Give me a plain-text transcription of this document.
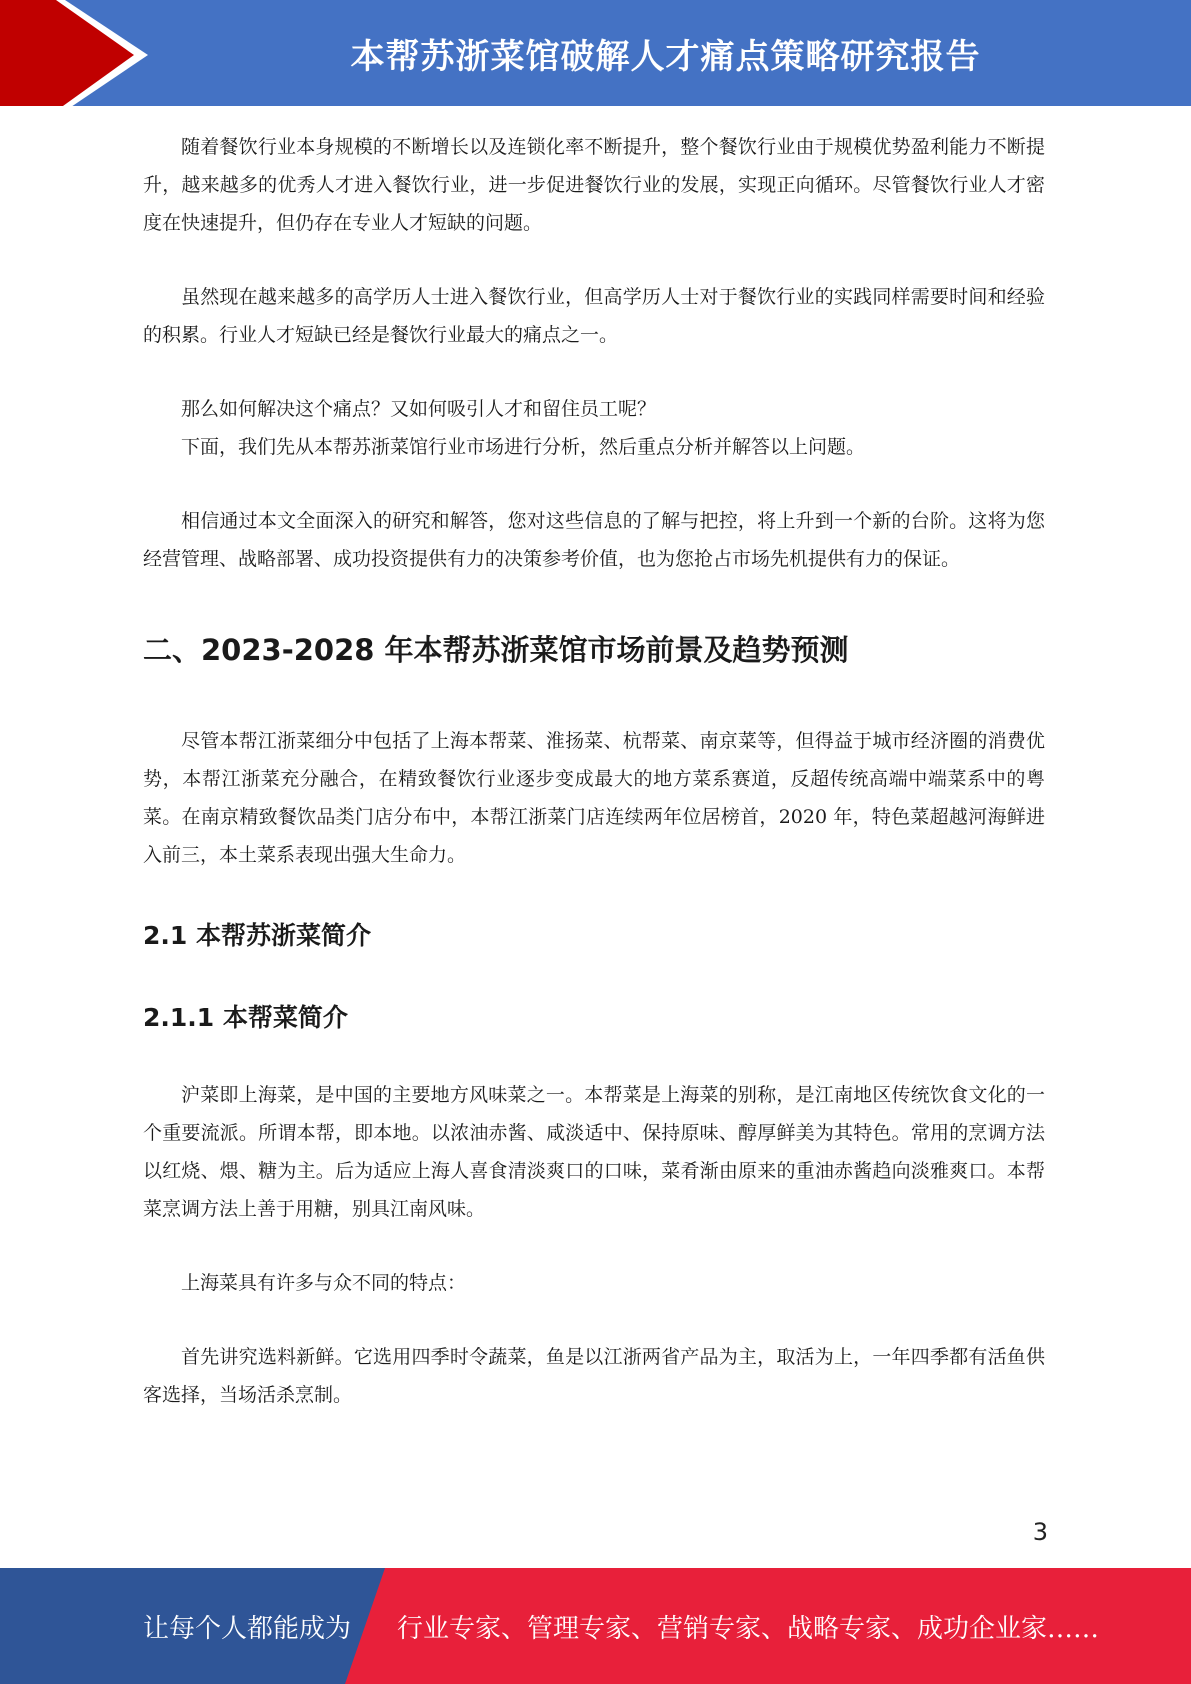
本帮苏浙菜馆破解人才痛点策略研究报告

随着餐饮行业本身规模的不断增长以及连锁化率不断提升，整个餐饮行业由于规模优势盈利能力不断提升，越来越多的优秀人才进入餐饮行业，进一步促进餐饮行业的发展，实现正向循环。尽管餐饮行业人才密度在快速提升，但仍存在专业人才短缺的问题。

虽然现在越来越多的高学历人士进入餐饮行业，但高学历人士对于餐饮行业的实践同样需要时间和经验的积累。行业人才短缺已经是餐饮行业最大的痛点之一。

那么如何解决这个痛点？又如何吸引人才和留住员工呢？

下面，我们先从本帮苏浙菜馆行业市场进行分析，然后重点分析并解答以上问题。

相信通过本文全面深入的研究和解答，您对这些信息的了解与把控，将上升到一个新的台阶。这将为您经营管理、战略部署、成功投资提供有力的决策参考价值，也为您抢占市场先机提供有力的保证。

二、2023-2028 年本帮苏浙菜馆市场前景及趋势预测

尽管本帮江浙菜细分中包括了上海本帮菜、淮扬菜、杭帮菜、南京菜等，但得益于城市经济圈的消费优势，本帮江浙菜充分融合，在精致餐饮行业逐步变成最大的地方菜系赛道，反超传统高端中端菜系中的粤菜。在南京精致餐饮品类门店分布中，本帮江浙菜门店连续两年位居榜首，2020 年，特色菜超越河海鲜进入前三，本土菜系表现出强大生命力。

2.1 本帮苏浙菜简介
2.1.1 本帮菜简介

沪菜即上海菜，是中国的主要地方风味菜之一。本帮菜是上海菜的别称，是江南地区传统饮食文化的一个重要流派。所谓本帮，即本地。以浓油赤酱、咸淡适中、保持原味、醇厚鲜美为其特色。常用的烹调方法以红烧、煨、糖为主。后为适应上海人喜食清淡爽口的口味，菜肴渐由原来的重油赤酱趋向淡雅爽口。本帮菜烹调方法上善于用糖，别具江南风味。

上海菜具有许多与众不同的特点：

首先讲究选料新鲜。它选用四季时令蔬菜，鱼是以江浙两省产品为主，取活为上，一年四季都有活鱼供客选择，当场活杀烹制。

3
让每个人都能成为 行业专家、管理专家、营销专家、战略专家、成功企业家……
